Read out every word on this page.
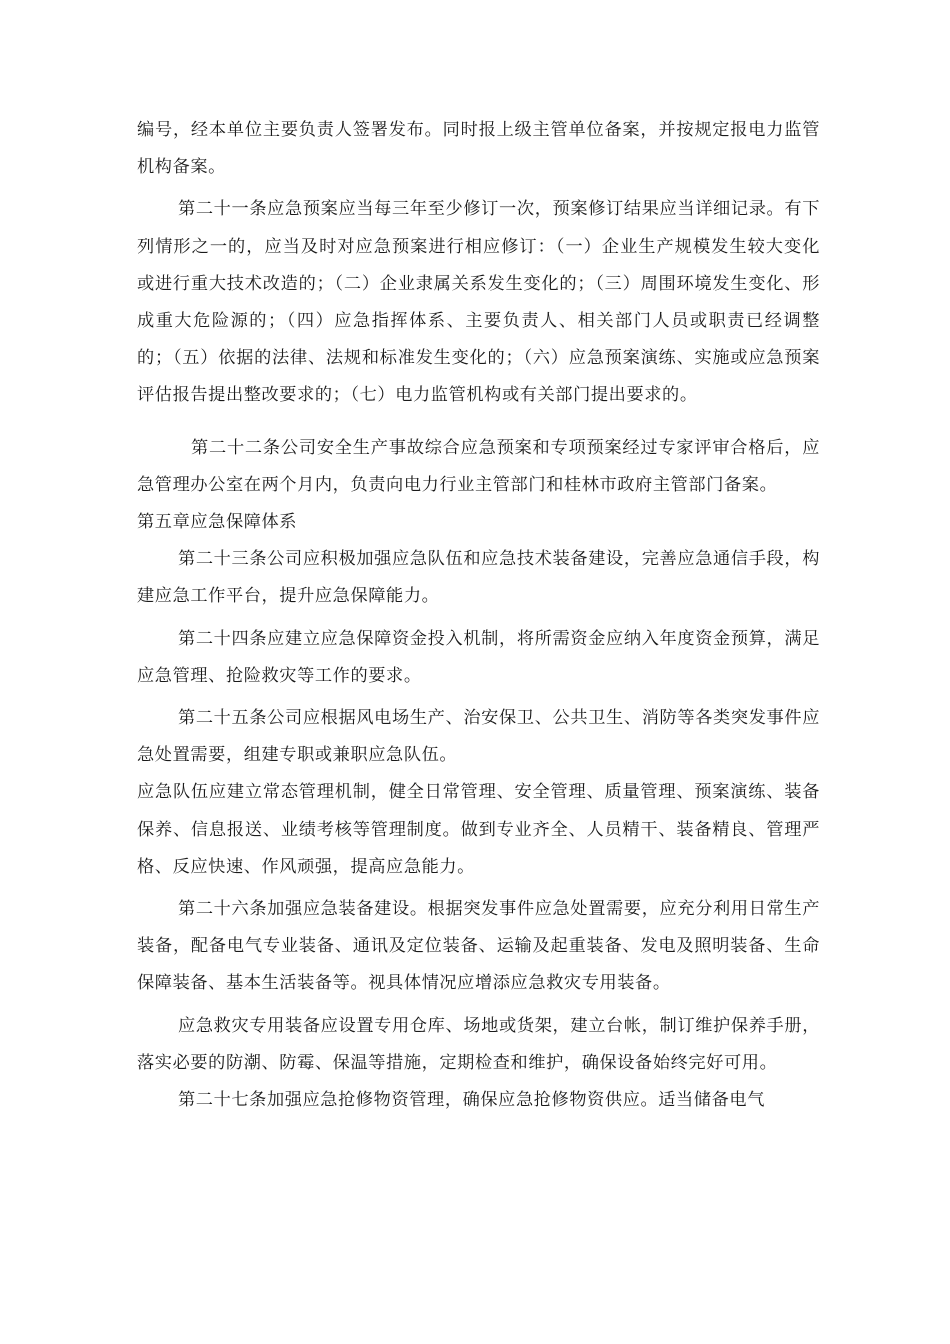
编号，经本单位主要负责人签署发布。同时报上级主管单位备案，并按规定报电力监管机构备案。

第二十一条应急预案应当每三年至少修订一次，预案修订结果应当详细记录。有下列情形之一的，应当及时对应急预案进行相应修订：（一）企业生产规模发生较大变化或进行重大技术改造的；（二）企业隶属关系发生变化的；（三）周围环境发生变化、形成重大危险源的；（四）应急指挥体系、主要负责人、相关部门人员或职责已经调整的；（五）依据的法律、法规和标准发生变化的；（六）应急预案演练、实施或应急预案评估报告提出整改要求的；（七）电力监管机构或有关部门提出要求的。

第二十二条公司安全生产事故综合应急预案和专项预案经过专家评审合格后，应急管理办公室在两个月内，负责向电力行业主管部门和桂林市政府主管部门备案。

第五章应急保障体系

第二十三条公司应积极加强应急队伍和应急技术装备建设，完善应急通信手段，构建应急工作平台，提升应急保障能力。

第二十四条应建立应急保障资金投入机制，将所需资金应纳入年度资金预算，满足应急管理、抢险救灾等工作的要求。

第二十五条公司应根据风电场生产、治安保卫、公共卫生、消防等各类突发事件应急处置需要，组建专职或兼职应急队伍。

应急队伍应建立常态管理机制，健全日常管理、安全管理、质量管理、预案演练、装备保养、信息报送、业绩考核等管理制度。做到专业齐全、人员精干、装备精良、管理严格、反应快速、作风顽强，提高应急能力。

第二十六条加强应急装备建设。根据突发事件应急处置需要，应充分利用日常生产装备，配备电气专业装备、通讯及定位装备、运输及起重装备、发电及照明装备、生命保障装备、基本生活装备等。视具体情况应增添应急救灾专用装备。

应急救灾专用装备应设置专用仓库、场地或货架，建立台帐，制订维护保养手册，落实必要的防潮、防霉、保温等措施，定期检查和维护，确保设备始终完好可用。

第二十七条加强应急抢修物资管理，确保应急抢修物资供应。适当储备电气
